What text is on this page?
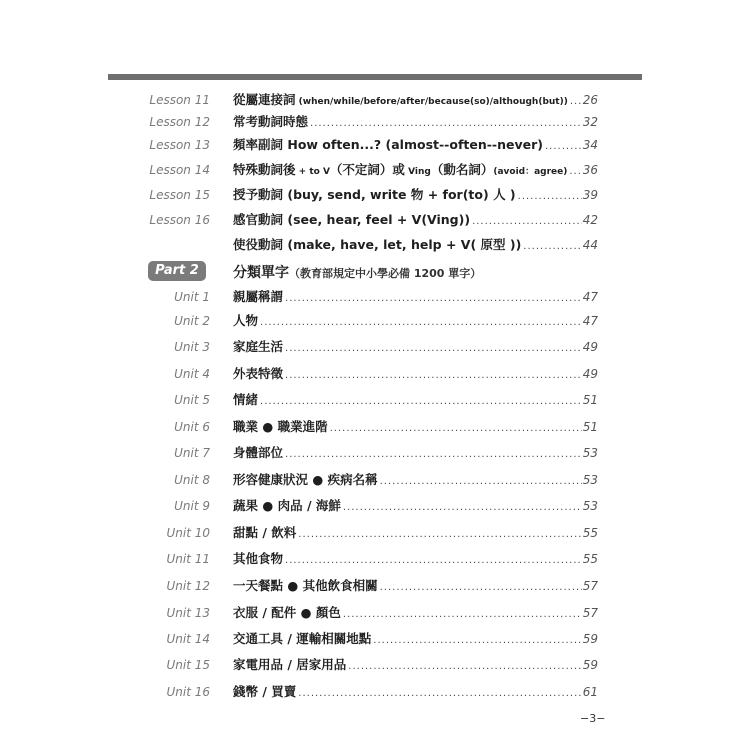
Lesson 11 從屬連接詞 (when/while/before/after/because(so)/although(but)) ..... 26
Lesson 12 常考動詞時態 .....	32
Lesson 13 頻率副詞 How often...? (almost--often--never) .....	34
Lesson 14 特殊動詞後 + to V（不定詞）或 Ving（動名詞）(avoid：agree) ..... 36
Lesson 15 授予動詞 (buy, send, write 物 + for(to) 人 ) .....	39
Lesson 16 感官動詞 (see, hear, feel + V(Ving)) .....	42
使役動詞 (make, have, let, help + V( 原型 )) .....	44
Part 2	分類單字（教育部規定中小學必備 1200 單字）
Unit 1 親屬稱謂 .....	47
Unit 2 人物 .....	47
Unit 3 家庭生活 .....	49
Unit 4 外表特徵 .....	49
Unit 5 情緒 .....	51
Unit 6 職業 ● 職業進階 .....	51
Unit 7 身體部位 .....	53
Unit 8 形容健康狀況 ● 疾病名稱 .....	53
Unit 9 蔬果 ● 肉品 / 海鮮 .....	53
Unit 10 甜點 / 飲料 .....	55
Unit 11 其他食物 .....	55
Unit 12 一天餐點 ● 其他飲食相關 .....	57
Unit 13 衣服 / 配件 ● 顏色 .....	57
Unit 14 交通工具 / 運輸相關地點 .....	59
Unit 15 家電用品 / 居家用品 .....	59
Unit 16 錢幣 / 買賣 .....	61
−3−
